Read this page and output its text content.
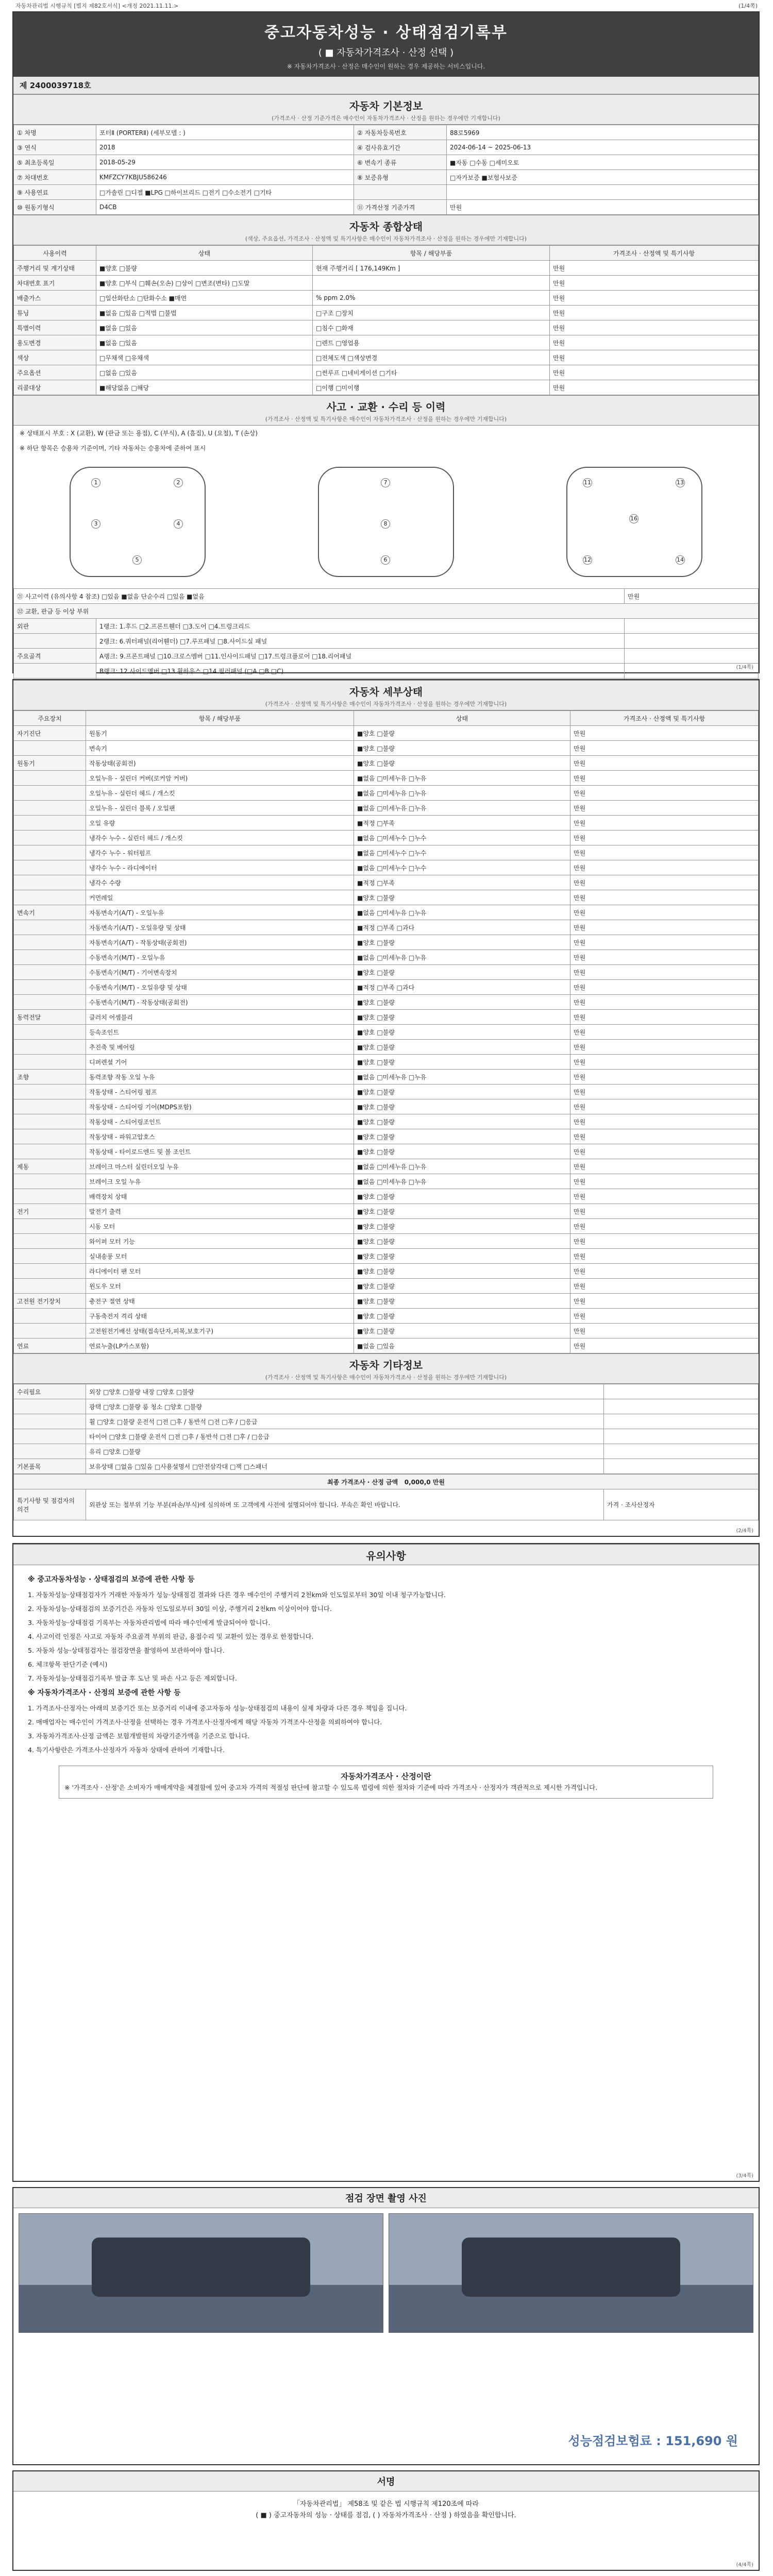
자동차관리법 시행규칙 [별지 제82호서식] <개정 2021.11.11.>	(1/4쪽)
중고자동차성능 · 상태점검기록부
( ■ 자동차가격조사 · 산정 선택 )
※ 자동차가격조사 · 산정은 매수인이 원하는 경우 제공하는 서비스입니다.
제 2400039718호
자동차 기본정보
(가격조사 · 산정 기준가격은 매수인이 자동차가격조사 · 산정을 원하는 경우에만 기재합니다)
① 차명	포터Ⅱ (PORTERⅡ) (세부모델 : )	② 자동차등록번호	88로5969
③ 연식	2018	④ 검사유효기간	2024-06-14 ~ 2025-06-13
⑤ 최초등록일	2018-05-29	⑥ 변속기 종류	■자동 □수동 □세미오토
⑦ 차대번호	KMFZCY7KBJU586246	⑧ 보증유형	□자가보증 ■보험사보증
⑨ 사용연료	□가솔린 □디젤 ■LPG □하이브리드 □전기 □수소전기 □기타		
⑩ 원동기형식	D4CB	⑪ 가격산정 기준가격	만원
자동차 종합상태
(색상, 주요옵션, 가격조사 · 산정액 및 특기사항은 매수인이 자동차가격조사 · 산정을 원하는 경우에만 기재합니다)
사용이력	상태	항목 / 해당부품	가격조사 · 산정액 및 특기사항
주행거리 및 계기상태	■양호 □불량	현재 주행거리 [ 176,149Km ]	만원
차대번호 표기	■양호 □부식 □훼손(오손) □상이 □변조(변타) □도말		만원
배출가스	□일산화탄소 □탄화수소 ■매연	% ppm 2.0%	만원
튜닝	■없음 □있음 □적법 □불법	□구조 □장치	만원
특별이력	■없음 □있음	□침수 □화재	만원
용도변경	■없음 □있음	□렌트 □영업용	만원
색상	□무채색 □유채색	□전체도색 □색상변경	만원
주요옵션	□없음 □있음	□썬루프 □네비게이션 □기타	만원
리콜대상	■해당없음 □해당	□이행 □미이행	만원
사고 · 교환 · 수리 등 이력
(가격조사 · 산정액 및 특기사항은 매수인이 자동차가격조사 · 산정을 원하는 경우에만 기재합니다)
※ 상태표시 부호 : X (교환), W (판금 또는 용접), C (부식), A (흠집), U (요철), T (손상)
※ 하단 항목은 승용차 기준이며, 기타 자동차는 승용차에 준하여 표시
1	2
3	4
5
7
8
6
11	13
16
12	14
㉑ 사고이력 (유의사항 4 참조) □있음 ■없음 단순수리 □있음 ■없음		만원
㉒ 교환, 판금 등 이상 부위		
외판	1랭크: 1.후드 □2.프론트휀더 □3.도어 □4.트렁크리드	
	2랭크: 6.쿼터패널(리어휀더) □7.루프패널 □8.사이드실 패널	
주요골격	A랭크: 9.프론트패널 □10.크로스멤버 □11.인사이드패널 □17.트렁크플로어 □18.리어패널	
	B랭크: 12.사이드멤버 □13.휠하우스 □14.필러패널 (□A □B □C)	
			(1/4쪽)
자동차 세부상태
(가격조사 · 산정액 및 특기사항은 매수인이 자동차가격조사 · 산정을 원하는 경우에만 기재합니다)
주요장치	항목 / 해당부품	상태	가격조사 · 산정액 및 특기사항
자기진단	원동기	■양호 □불량	만원
	변속기	■양호 □불량	만원
원동기	작동상태(공회전)	■양호 □불량	만원
	오일누유 - 실린더 커버(로커암 커버)	■없음 □미세누유 □누유	만원
	오일누유 - 실린더 헤드 / 개스킷	■없음 □미세누유 □누유	만원
	오일누유 - 실린더 블록 / 오일팬	■없음 □미세누유 □누유	만원
	오일 유량	■적정 □부족	만원
	냉각수 누수 - 실린더 헤드 / 개스킷	■없음 □미세누수 □누수	만원
	냉각수 누수 - 워터펌프	■없음 □미세누수 □누수	만원
	냉각수 누수 - 라디에이터	■없음 □미세누수 □누수	만원
	냉각수 수량	■적정 □부족	만원
	커먼레일	■양호 □불량	만원
변속기	자동변속기(A/T) - 오일누유	■없음 □미세누유 □누유	만원
	자동변속기(A/T) - 오일유량 및 상태	■적정 □부족 □과다	만원
	자동변속기(A/T) - 작동상태(공회전)	■양호 □불량	만원
	수동변속기(M/T) - 오일누유	■없음 □미세누유 □누유	만원
	수동변속기(M/T) - 기어변속장치	■양호 □불량	만원
	수동변속기(M/T) - 오일유량 및 상태	■적정 □부족 □과다	만원
	수동변속기(M/T) - 작동상태(공회전)	■양호 □불량	만원
동력전달	클러치 어셈블리	■양호 □불량	만원
	등속조인트	■양호 □불량	만원
	추진축 및 베어링	■양호 □불량	만원
	디퍼렌셜 기어	■양호 □불량	만원
조향	동력조향 작동 오일 누유	■없음 □미세누유 □누유	만원
	작동상태 - 스티어링 펌프	■양호 □불량	만원
	작동상태 - 스티어링 기어(MDPS포함)	■양호 □불량	만원
	작동상태 - 스티어링조인트	■양호 □불량	만원
	작동상태 - 파워고압호스	■양호 □불량	만원
	작동상태 - 타이로드엔드 및 볼 조인트	■양호 □불량	만원
제동	브레이크 마스터 실린더오일 누유	■없음 □미세누유 □누유	만원
	브레이크 오일 누유	■없음 □미세누유 □누유	만원
	배력장치 상태	■양호 □불량	만원
전기	발전기 출력	■양호 □불량	만원
	시동 모터	■양호 □불량	만원
	와이퍼 모터 기능	■양호 □불량	만원
	실내송풍 모터	■양호 □불량	만원
	라디에이터 팬 모터	■양호 □불량	만원
	윈도우 모터	■양호 □불량	만원
고전원 전기장치	충전구 절연 상태	■양호 □불량	만원
	구동축전지 격리 상태	■양호 □불량	만원
	고전원전기배선 상태(접속단자,피복,보호기구)	■양호 □불량	만원
연료	연료누출(LP가스포함)	■없음 □있음	만원
자동차 기타정보
(가격조사 · 산정액 및 특기사항은 매수인이 자동차가격조사 · 산정을 원하는 경우에만 기재합니다)
수리필요	외장 □양호 □불량 내장 □양호 □불량	
	광택 □양호 □불량 룸 청소 □양호 □불량	
	휠 □양호 □불량 운전석 □전 □후 / 동반석 □전 □후 / □응급	
	타이어 □양호 □불량 운전석 □전 □후 / 동반석 □전 □후 / □응급	
	유리 □양호 □불량	
기본품목	보유상태 □없음 □있음 □사용설명서 □안전삼각대 □잭 □스패너	
최종 가격조사 · 산정 금액 0,000,0 만원
특기사항 및 점검자의 의견	외관상 또는 철부위 기능 부분(파손/부식)에 심의하며 또 고객에게 사전에 설명되어야 합니다. 부속은 확인 바랍니다.	가격 · 조사산정자
(2/4쪽)
유의사항
※ 중고자동차성능 · 상태점검의 보증에 관한 사항 등
1. 자동차성능·상태점검자가 거래한 자동차가 성능·상태점검 결과와 다른 경우 매수인이 주행거리 2천km와 인도일로부터 30일 이내 청구가능합니다.
2. 자동차성능·상태점검의 보증기간은 자동차 인도일로부터 30일 이상, 주행거리 2천km 이상이어야 합니다.
3. 자동차성능·상태점검 기록부는 자동차관리법에 따라 매수인에게 발급되어야 합니다.
4. 사고이력 인정은 사고로 자동차 주요골격 부위의 판금, 용접수리 및 교환이 있는 경우로 한정합니다.
5. 자동차 성능·상태점검자는 점검장면을 촬영하여 보관하여야 합니다.
6. 체크항목 판단기준 (예시)
7. 자동차성능·상태점검기록부 발급 후 도난 및 파손 사고 등은 제외합니다.
※ 자동차가격조사 · 산정의 보증에 관한 사항 등
1. 가격조사·산정자는 아래의 보증기간 또는 보증거리 이내에 중고자동차 성능·상태점검의 내용이 실제 차량과 다른 경우 책임을 집니다.
2. 매매업자는 매수인이 가격조사·산정을 선택하는 경우 가격조사·산정자에게 해당 자동차 가격조사·산정을 의뢰하여야 합니다.
3. 자동차가격조사·산정 금액은 보험개발원의 차량기준가액을 기준으로 합니다.
4. 특기사항란은 가격조사·산정자가 자동차 상태에 관하여 기재합니다.
자동차가격조사 · 산정이란
※ '가격조사 · 산정'은 소비자가 매매계약을 체결함에 있어 중고차 가격의 적절성 판단에 참고할 수 있도록 법령에 의한 절차와 기준에 따라 가격조사 · 산정자가 객관적으로 제시한 가격입니다.
(3/4쪽)
점검 장면 촬영 사진
성능점검보험료 : 151,690 원
서명
「자동차관리법」 제58조 및 같은 법 시행규칙 제120조에 따라
( ■ ) 중고자동차의 성능 · 상태를 점검, ( ) 자동차가격조사 · 산정 ) 하였음을 확인합니다.
(4/4쪽)
